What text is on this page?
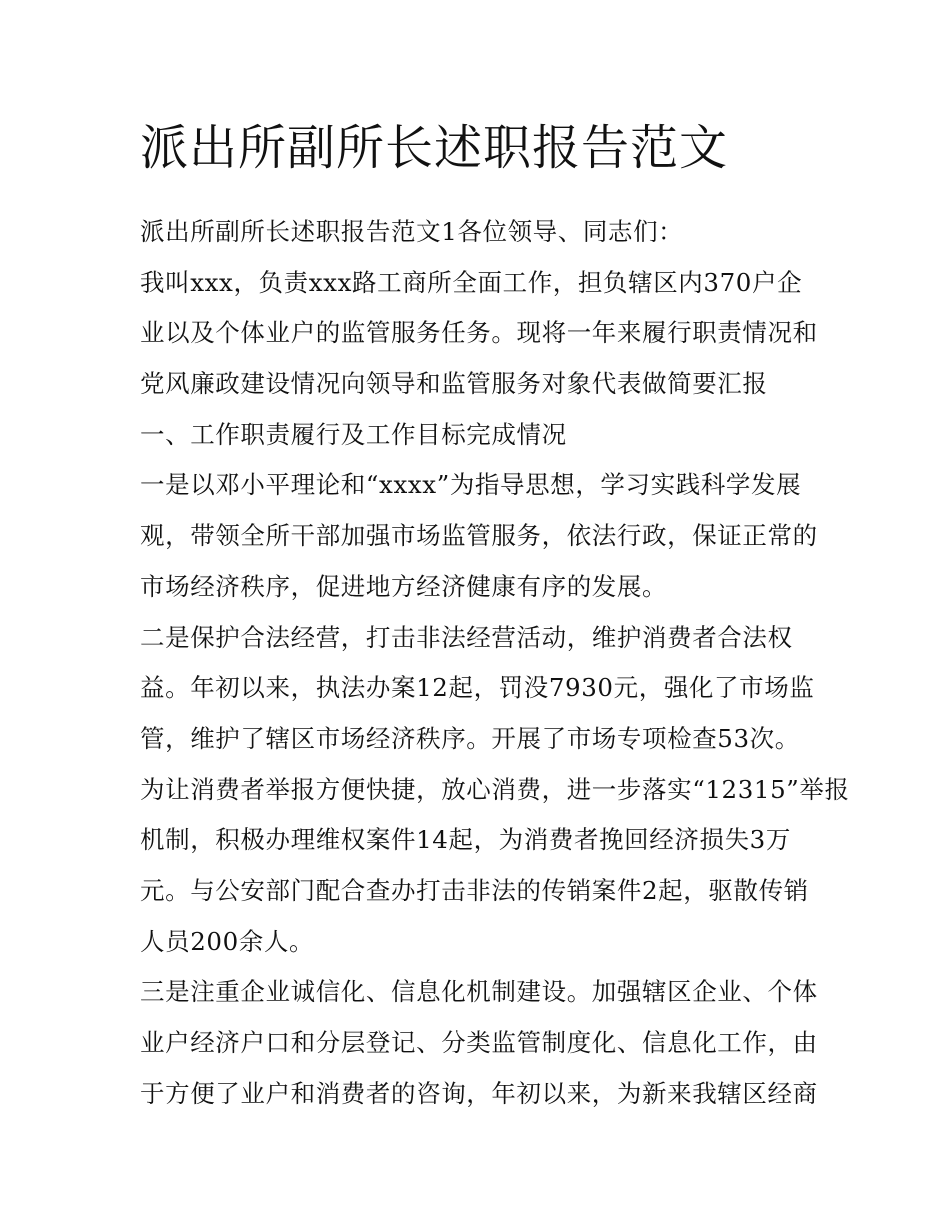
派出所副所长述职报告范文
派出所副所长述职报告范文1各位领导、同志们：
我叫xxx，负责xxx路工商所全面工作，担负辖区内370户企
业以及个体业户的监管服务任务。现将一年来履行职责情况和
党风廉政建设情况向领导和监管服务对象代表做简要汇报
一、工作职责履行及工作目标完成情况
一是以邓小平理论和“xxxx”为指导思想，学习实践科学发展
观，带领全所干部加强市场监管服务，依法行政，保证正常的
市场经济秩序，促进地方经济健康有序的发展。
二是保护合法经营，打击非法经营活动，维护消费者合法权
益。年初以来，执法办案12起，罚没7930元，强化了市场监
管，维护了辖区市场经济秩序。开展了市场专项检查53次。
为让消费者举报方便快捷，放心消费，进一步落实“12315”举报
机制，积极办理维权案件14起，为消费者挽回经济损失3万
元。与公安部门配合查办打击非法的传销案件2起，驱散传销
人员200余人。
三是注重企业诚信化、信息化机制建设。加强辖区企业、个体
业户经济户口和分层登记、分类监管制度化、信息化工作，由
于方便了业户和消费者的咨询，年初以来，为新来我辖区经商
